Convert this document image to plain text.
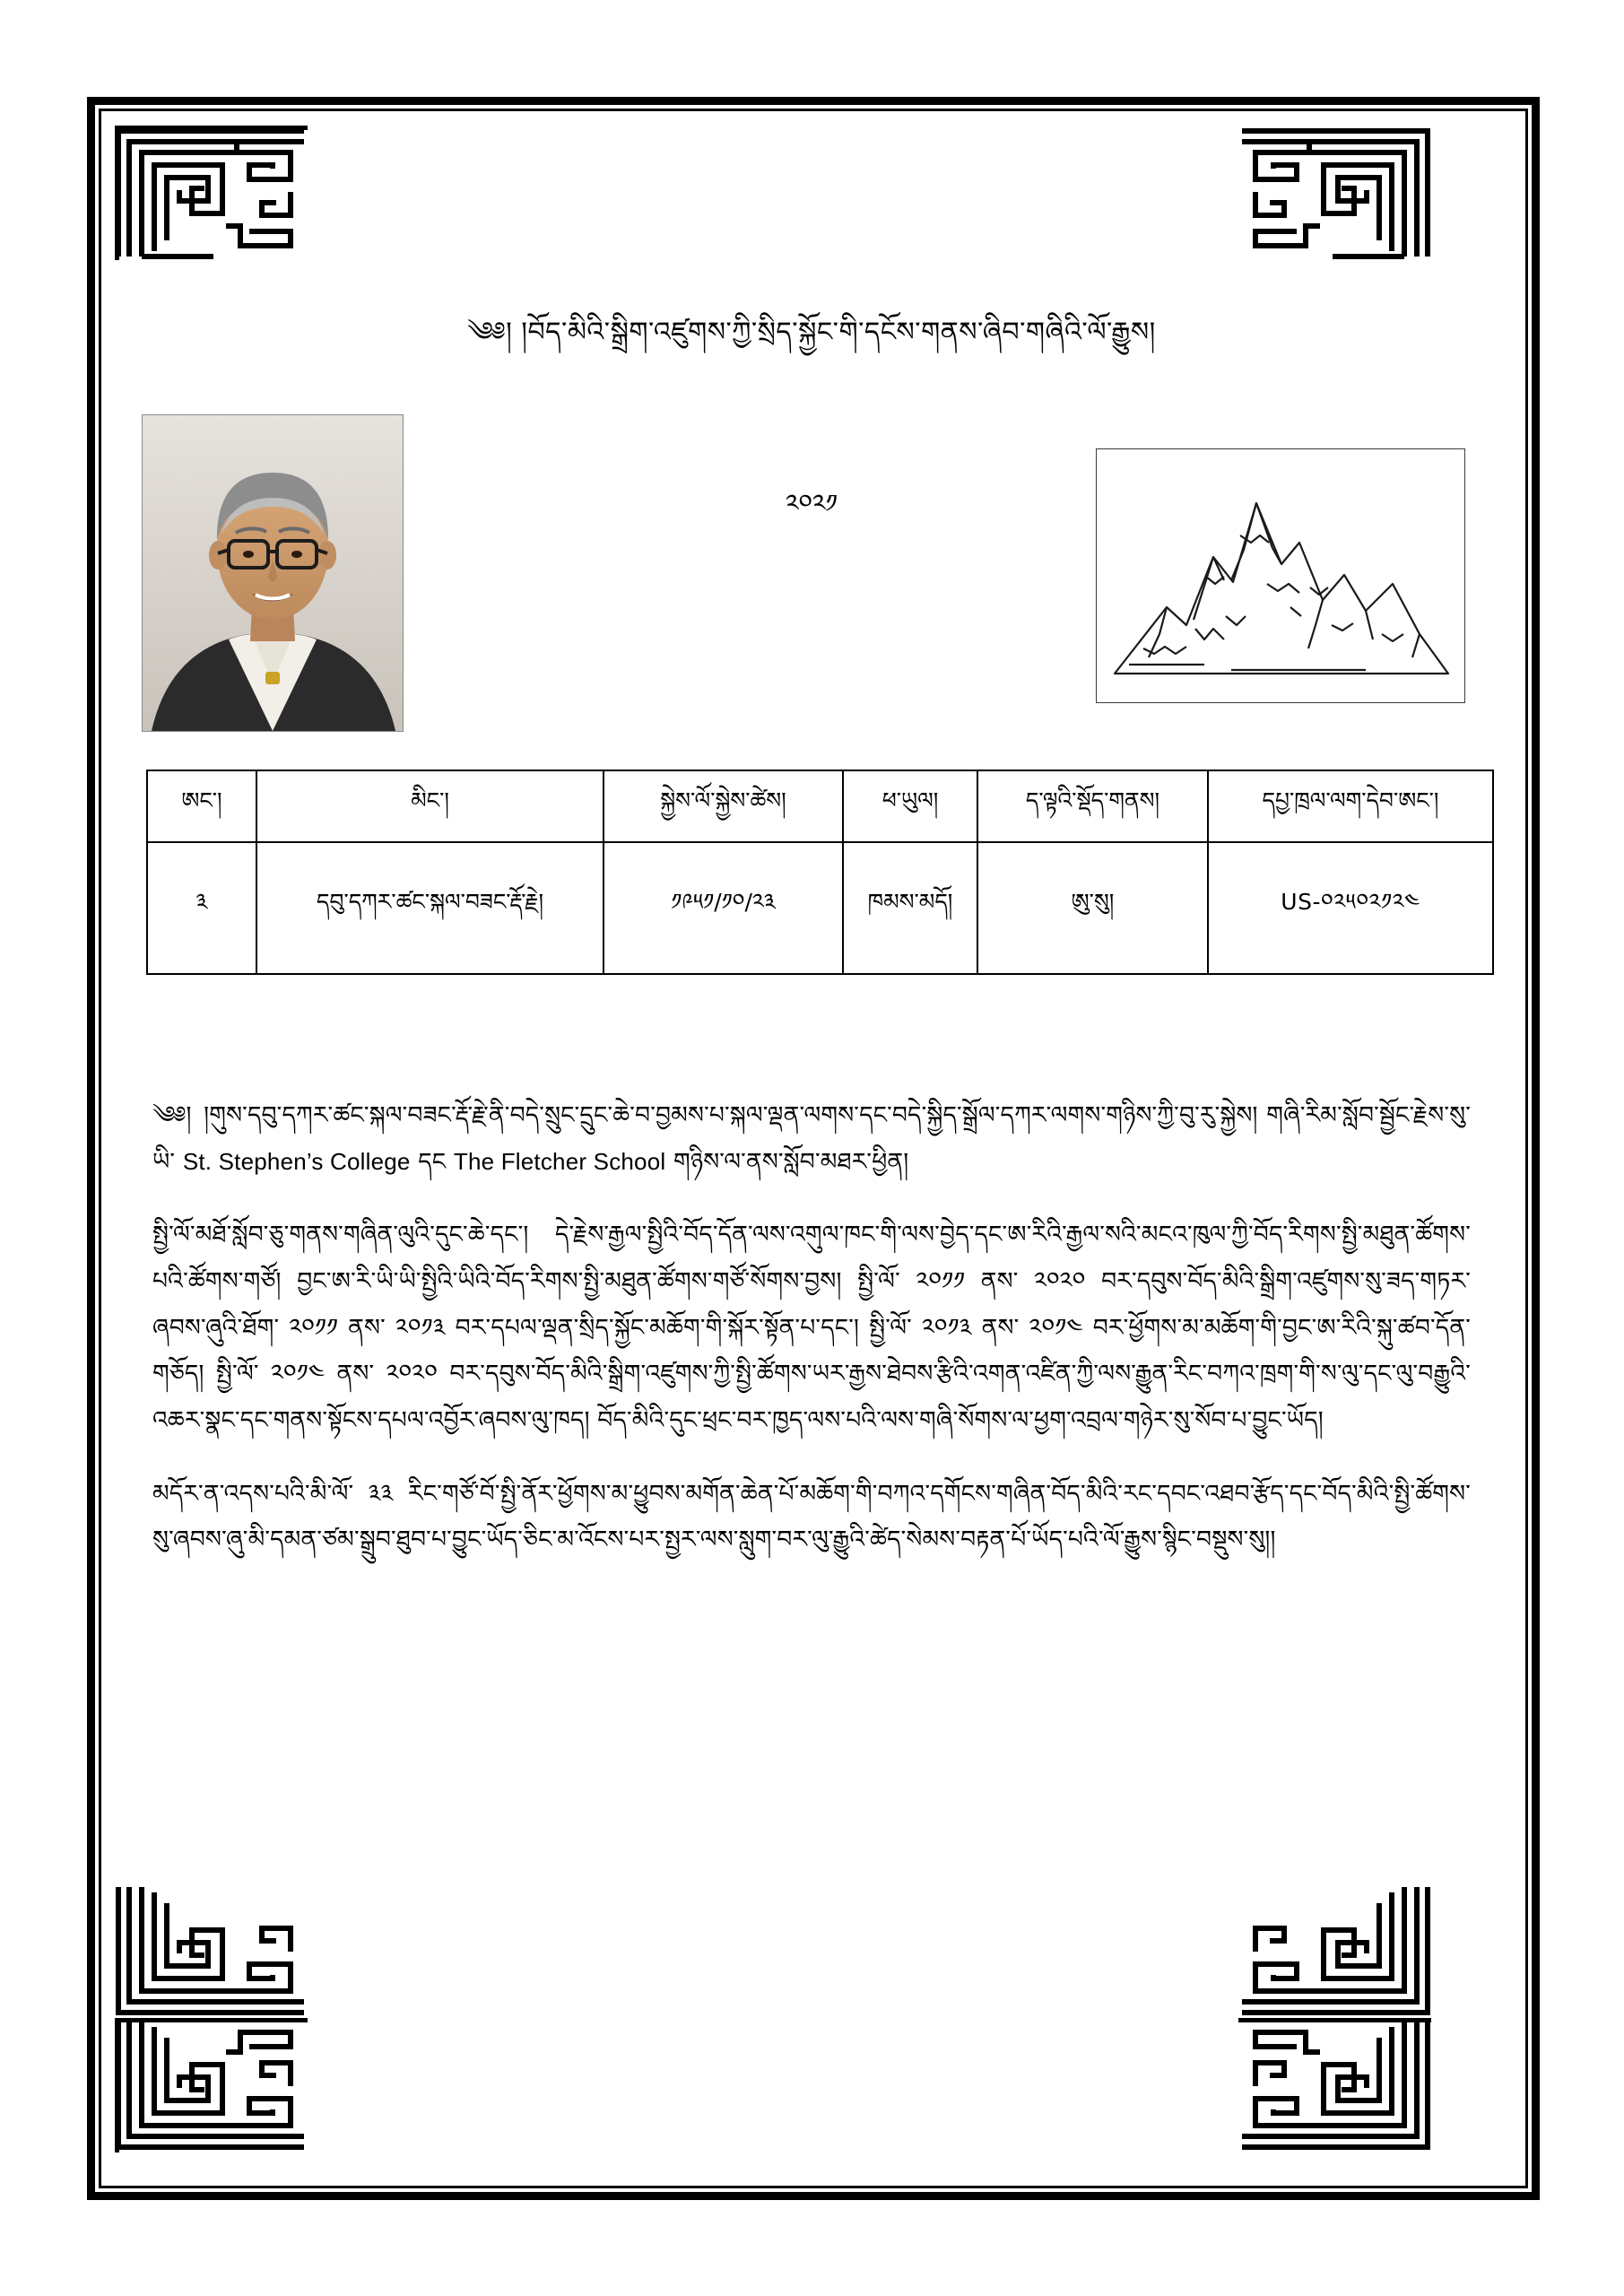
༄༅། །བོད་མིའི་སྒྲིག་འཛུགས་ཀྱི་སྲིད་སྐྱོང་གི་དངོས་གནས་ཞིབ་གཞིའི་ལོ་རྒྱུས།
༢༠༢༡
ཨང་།	མིང་།	སྐྱེས་ལོ་སྐྱེས་ཚེས།	ཕ་ཡུལ།	ད་ལྟའི་སྡོད་གནས།	དཔྱ་ཁྲལ་ལག་དེབ་ཨང་།
༣	དབུ་དཀར་ཚང་སྐལ་བཟང་རྡོ་རྗེ།	༡༩༥༡/༡༠/༢༣	ཁམས་མདོ།	ཨུ་སུ།	US-༠༢༥༠༢༡༢༤

༄༅། །གུས་དབུ་དཀར་ཚང་སྐལ་བཟང་རྡོ་རྗེ་ནི་བདེ་སྲུང་དྲུང་ཆེ་བ་བྱམས་པ་སྐལ་ལྡན་ལགས་དང་བདེ་སྐྱིད་སྒྲོལ་དཀར་ལགས་གཉིས་ཀྱི་བུ་རུ་སྐྱེས། གཞི་རིམ་སློབ་སྦྱོང་རྗེས་སུ་ཡི་ St. Stephen’s College དང The Fletcher School གཉིས་ལ་ནས་སློབ་མཐར་ཕྱིན།

སྤྱི་ལོ་མཐོ་སློབ་ཅུ་གནས་གཞིན་ལུའི་དུང་ཆེ་དང་། དེ་རྗེས་རྒྱལ་སྤྱིའི་བོད་དོན་ལས་འགུལ་ཁང་གི་ལས་བྱེད་དང་ཨ་རིའི་རྒྱལ་སའི་མངའ་ཁུལ་ཀྱི་བོད་རིགས་སྤྱི་མཐུན་ཚོགས་པའི་ཚོགས་གཙོ། བྱང་ཨ་རི་ཡི་ཡི་སྤྱིའི་ཡིའི་བོད་རིགས་སྤྱི་མཐུན་ཚོགས་གཙོ་སོགས་བྱས། སྤྱི་ལོ་ ༢༠༡༡ ནས་ ༢༠༢༠ བར་དབུས་བོད་མིའི་སྒྲིག་འཛུགས་སུ་ཟད་གཏར་ཞབས་ཞུའི་ཐོག་ ༢༠༡༡ ནས་ ༢༠༡༣ བར་དཔལ་ལྡན་སྲིད་སྐྱོང་མཆོག་གི་སྐོར་སྟོན་པ་དང་། སྤྱི་ལོ་ ༢༠༡༣ ནས་ ༢༠༡༤ བར་ཕྱོགས་མ་མཆོག་གི་བྱང་ཨ་རིའི་སྐུ་ཚབ་དོན་གཅོད། སྤྱི་ལོ་ ༢༠༡༤ ནས་ ༢༠༢༠ བར་དབུས་བོད་མིའི་སྒྲིག་འཛུགས་ཀྱི་སྤྱི་ཚོགས་ཡར་རྒྱས་ཐེབས་རྩིའི་འགན་འཛིན་ཀྱི་ལས་རྒྱུན་རིང་བཀའ་ཁྲག་གི་ས་ལུ་དང་ལུ་བརྒྱུའི་འཆར་སྣང་དང་གནས་སྟོངས་དཔལ་འབྱོར་ཞབས་ལུ་ཁད། བོད་མིའི་དུང་ཕྲང་བར་ཁྱད་ལས་པའི་ལས་གཞི་སོགས་ལ་ཕྱག་འབྲལ་གཉེར་སུ་སོབ་པ་བྱུང་ཡོད།

མདོར་ན་འདས་པའི་མི་ལོ་ ༣༣ རིང་གཙོ་བོ་སྤྱི་ནོར་ཕྱོགས་མ་ཕྱུབས་མགོན་ཆེན་པོ་མཆོག་གི་བཀའ་དགོངས་གཞིན་བོད་མིའི་རང་དབང་འཐབ་རྩོད་དང་བོད་མིའི་སྤྱི་ཚོགས་སུ་ཞབས་ཞུ་མི་དམན་ཙམ་སྒྲུབ་ཐུབ་པ་བྱུང་ཡོད་ཅིང་མ་འོངས་པར་སྤྱར་ལས་སླུག་བར་ལུ་རྒྱུའི་ཚེད་སེམས་བརྟན་པོ་ཡོད་པའི་ལོ་རྒྱུས་སྙིང་བསྡུས་སུ།།
